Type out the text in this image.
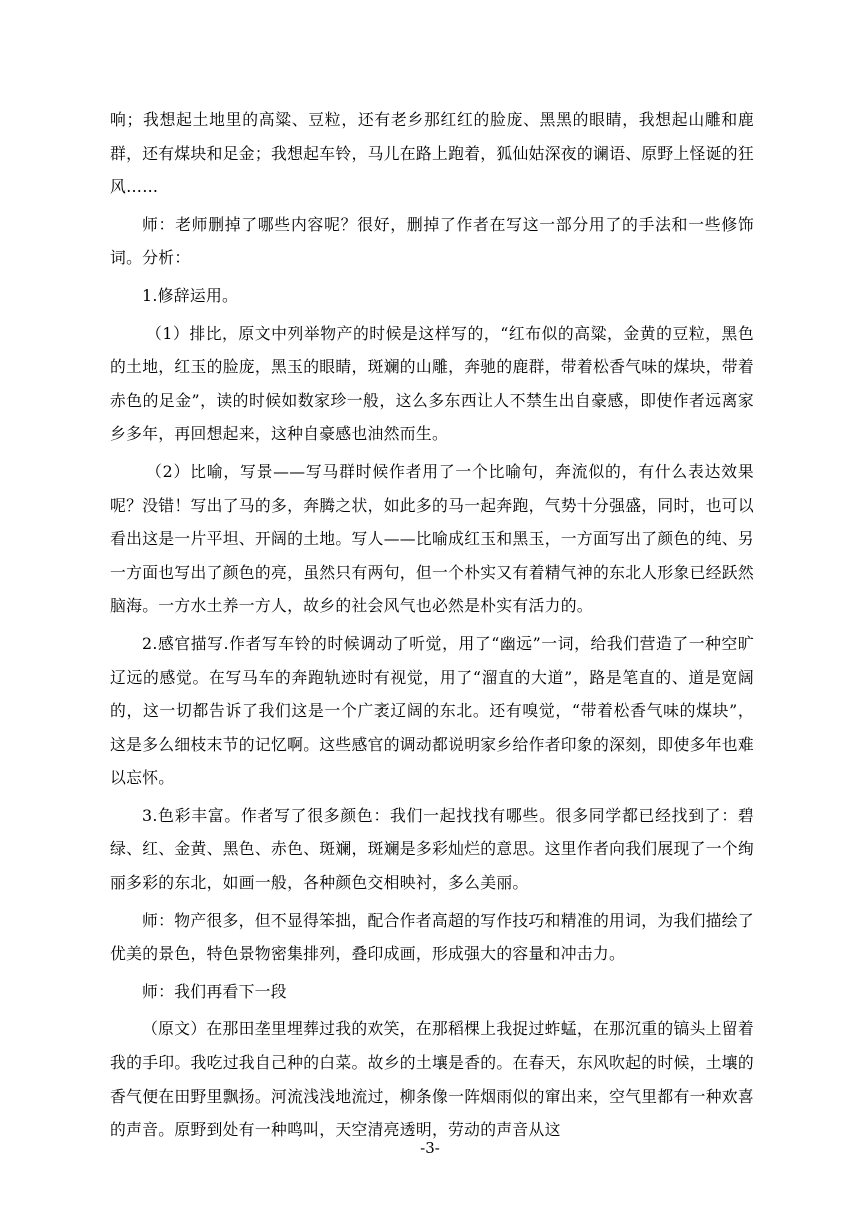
响；我想起土地里的高粱、豆粒，还有老乡那红红的脸庞、黑黑的眼睛，我想起山雕和鹿群，还有煤块和足金；我想起车铃，马儿在路上跑着，狐仙姑深夜的谰语、原野上怪诞的狂风……

师：老师删掉了哪些内容呢？很好，删掉了作者在写这一部分用了的手法和一些修饰词。分析：

1.修辞运用。

（1）排比，原文中列举物产的时候是这样写的，“红布似的高粱，金黄的豆粒，黑色的土地，红玉的脸庞，黑玉的眼睛，斑斓的山雕，奔驰的鹿群，带着松香气味的煤块，带着赤色的足金”，读的时候如数家珍一般，这么多东西让人不禁生出自豪感，即使作者远离家乡多年，再回想起来，这种自豪感也油然而生。

（2）比喻，写景——写马群时候作者用了一个比喻句，奔流似的，有什么表达效果呢？没错！写出了马的多，奔腾之状，如此多的马一起奔跑，气势十分强盛，同时，也可以看出这是一片平坦、开阔的土地。写人——比喻成红玉和黑玉，一方面写出了颜色的纯、另一方面也写出了颜色的亮，虽然只有两句，但一个朴实又有着精气神的东北人形象已经跃然脑海。一方水土养一方人，故乡的社会风气也必然是朴实有活力的。

2.感官描写.作者写车铃的时候调动了听觉，用了“幽远”一词，给我们营造了一种空旷辽远的感觉。在写马车的奔跑轨迹时有视觉，用了“溜直的大道”，路是笔直的、道是宽阔的，这一切都告诉了我们这是一个广袤辽阔的东北。还有嗅觉，“带着松香气味的煤块”，这是多么细枝末节的记忆啊。这些感官的调动都说明家乡给作者印象的深刻，即使多年也难以忘怀。

3.色彩丰富。作者写了很多颜色：我们一起找找有哪些。很多同学都已经找到了：碧绿、红、金黄、黑色、赤色、斑斓，斑斓是多彩灿烂的意思。这里作者向我们展现了一个绚丽多彩的东北，如画一般，各种颜色交相映衬，多么美丽。

师：物产很多，但不显得笨拙，配合作者高超的写作技巧和精准的用词，为我们描绘了优美的景色，特色景物密集排列，叠印成画，形成强大的容量和冲击力。

师：我们再看下一段

（原文）在那田垄里埋葬过我的欢笑，在那稻棵上我捉过蚱蜢，在那沉重的镐头上留着我的手印。我吃过我自己种的白菜。故乡的土壤是香的。在春天，东风吹起的时候，土壤的香气便在田野里飘扬。河流浅浅地流过，柳条像一阵烟雨似的窜出来，空气里都有一种欢喜的声音。原野到处有一种鸣叫，天空清亮透明，劳动的声音从这

-3-
